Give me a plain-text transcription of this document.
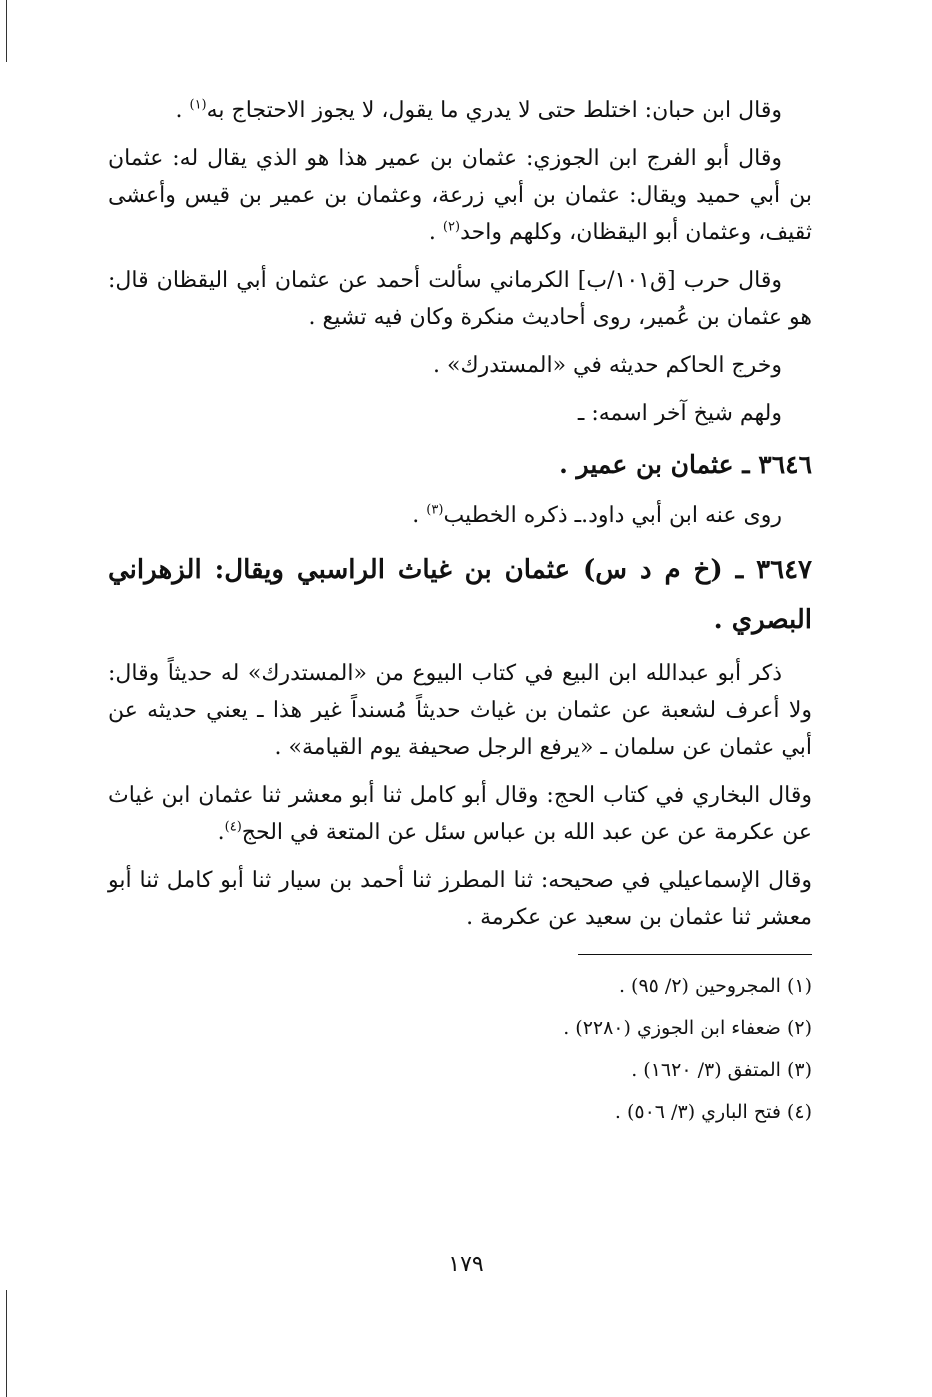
وقال ابن حبان: اختلط حتى لا يدري ما يقول، لا يجوز الاحتجاج به$^{(١)}$ .

وقال أبو الفرج ابن الجوزي: عثمان بن عمير هذا هو الذي يقال له: عثمان بن أبي حميد ويقال: عثمان بن أبي زرعة، وعثمان بن عمير بن قيس وأعشى ثقيف، وعثمان أبو اليقظان، وكلهم واحد$^{(٢)}$ .

وقال حرب [ق١٠١/ب] الكرماني سألت أحمد عن عثمان أبي اليقظان قال: هو عثمان بن عُمير، روى أحاديث منكرة وكان فيه تشيع .

وخرج الحاكم حديثه في «المستدرك» .

ولهم شيخ آخر اسمه: ـ

٣٦٤٦ ـ عثمان بن عمير .

روى عنه ابن أبي داود.ـ ذكره الخطيب$^{(٣)}$ .

٣٦٤٧ ـ (خ م د س) عثمان بن غياث الراسبي ويقال: الزهراني البصري .

ذكر أبو عبدالله ابن البيع في كتاب البيوع من «المستدرك» له حديثاً وقال: ولا أعرف لشعبة عن عثمان بن غياث حديثاً مُسنداً غير هذا ـ يعني حديثه عن أبي عثمان عن سلمان ـ «يرفع الرجل صحيفة يوم القيامة» .

وقال البخاري في كتاب الحج: وقال أبو كامل ثنا أبو معشر ثنا عثمان ابن غياث عن عكرمة عن عن عبد الله بن عباس سئل عن المتعة في الحج$^{(٤)}$.

وقال الإسماعيلي في صحيحه: ثنا المطرز ثنا أحمد بن سيار ثنا أبو كامل ثنا أبو معشر ثنا عثمان بن سعيد عن عكرمة .

(١) المجروحين (٢/ ٩٥) .
(٢) ضعفاء ابن الجوزي (٢٢٨٠) .
(٣) المتفق (٣/ ١٦٢٠) .
(٤) فتح الباري (٣/ ٥٠٦) .
١٧٩
